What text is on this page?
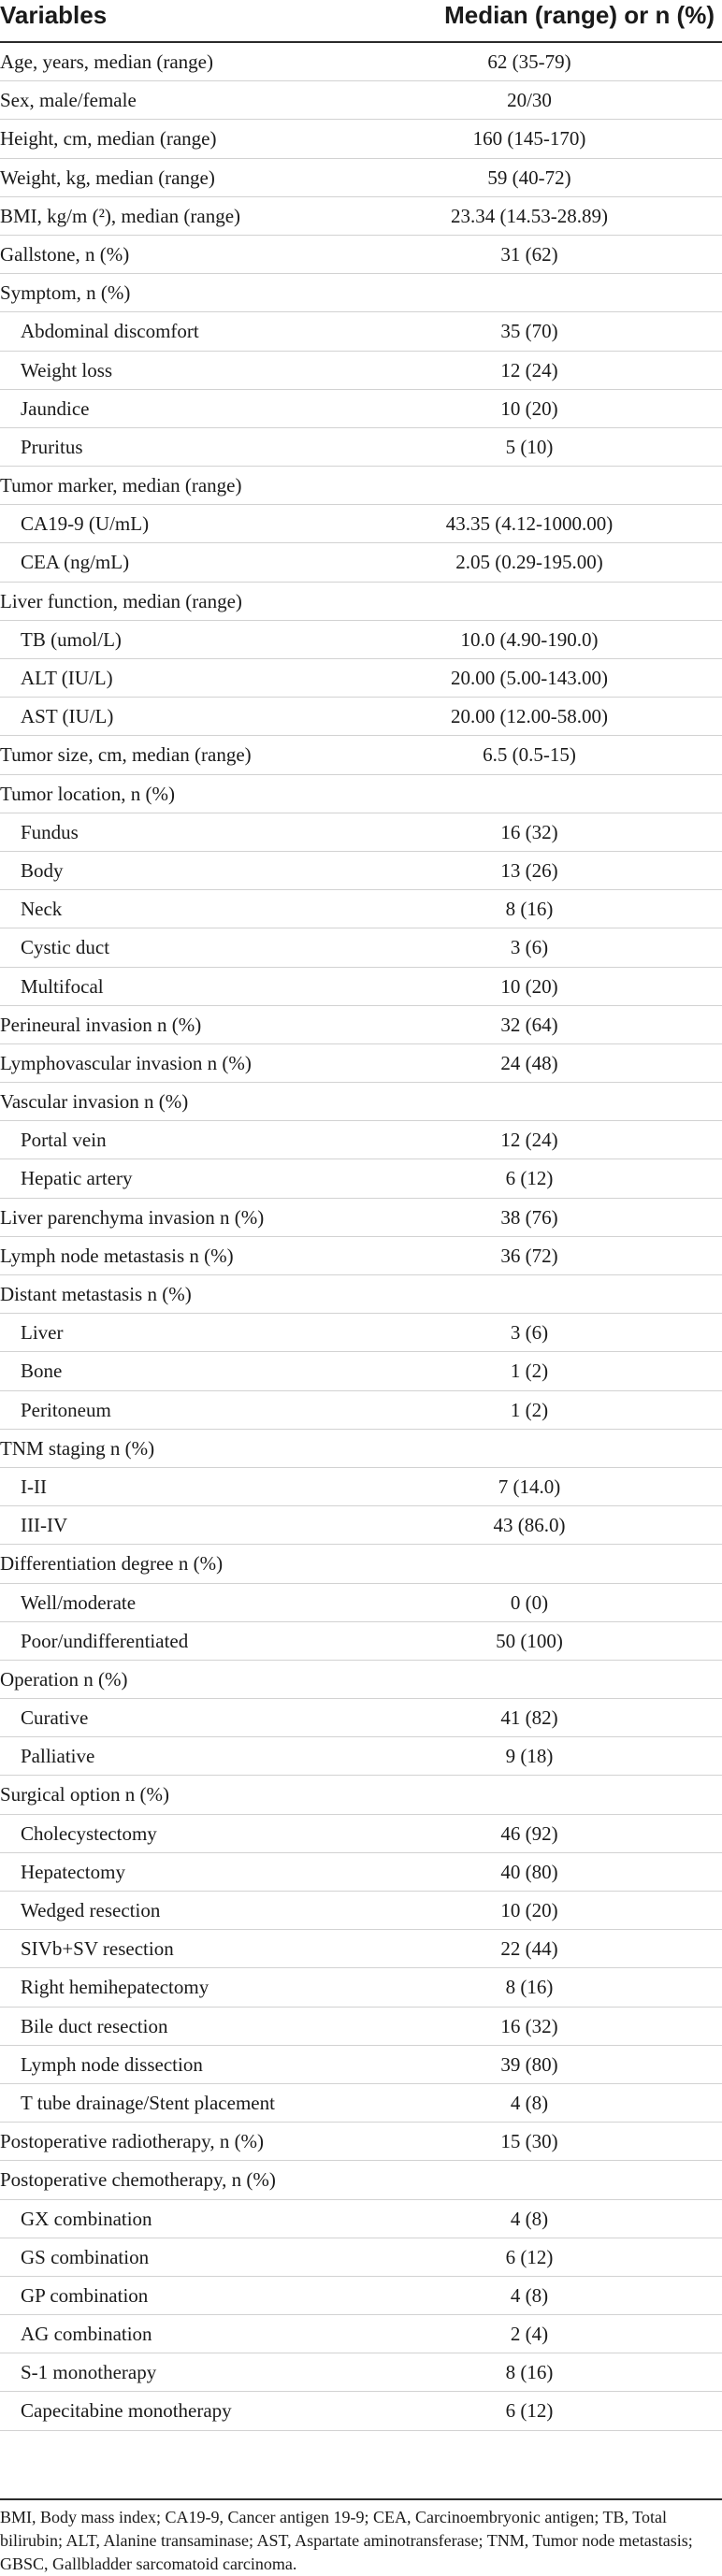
Variables	Median (range) or n (%)
Age, years, median (range)	62 (35-79)
Sex, male/female	20/30
Height, cm, median (range)	160 (145-170)
Weight, kg, median (range)	59 (40-72)
BMI, kg/m (²), median (range)	23.34 (14.53-28.89)
Gallstone, n (%)	31 (62)
Symptom, n (%)
Abdominal discomfort	35 (70)
Weight loss	12 (24)
Jaundice	10 (20)
Pruritus	5 (10)
Tumor marker, median (range)
CA19-9 (U/mL)	43.35 (4.12-1000.00)
CEA (ng/mL)	2.05 (0.29-195.00)
Liver function, median (range)
TB (umol/L)	10.0 (4.90-190.0)
ALT (IU/L)	20.00 (5.00-143.00)
AST (IU/L)	20.00 (12.00-58.00)
Tumor size, cm, median (range)	6.5 (0.5-15)
Tumor location, n (%)
Fundus	16 (32)
Body	13 (26)
Neck	8 (16)
Cystic duct	3 (6)
Multifocal	10 (20)
Perineural invasion n (%)	32 (64)
Lymphovascular invasion n (%)	24 (48)
Vascular invasion n (%)
Portal vein	12 (24)
Hepatic artery	6 (12)
Liver parenchyma invasion n (%)	38 (76)
Lymph node metastasis n (%)	36 (72)
Distant metastasis n (%)
Liver	3 (6)
Bone	1 (2)
Peritoneum	1 (2)
TNM staging n (%)
I-II	7 (14.0)
III-IV	43 (86.0)
Differentiation degree n (%)
Well/moderate	0 (0)
Poor/undifferentiated	50 (100)
Operation n (%)
Curative	41 (82)
Palliative	9 (18)
Surgical option n (%)
Cholecystectomy	46 (92)
Hepatectomy	40 (80)
Wedged resection	10 (20)
SIVb+SV resection	22 (44)
Right hemihepatectomy	8 (16)
Bile duct resection	16 (32)
Lymph node dissection	39 (80)
T tube drainage/Stent placement	4 (8)
Postoperative radiotherapy, n (%)	15 (30)
Postoperative chemotherapy, n (%)
GX combination	4 (8)
GS combination	6 (12)
GP combination	4 (8)
AG combination	2 (4)
S-1 monotherapy	8 (16)
Capecitabine monotherapy	6 (12)
BMI, Body mass index; CA19-9, Cancer antigen 19-9; CEA, Carcinoembryonic antigen; TB, Total bilirubin; ALT, Alanine transaminase; AST, Aspartate aminotransferase; TNM, Tumor node metastasis; GBSC, Gallbladder sarcomatoid carcinoma.
